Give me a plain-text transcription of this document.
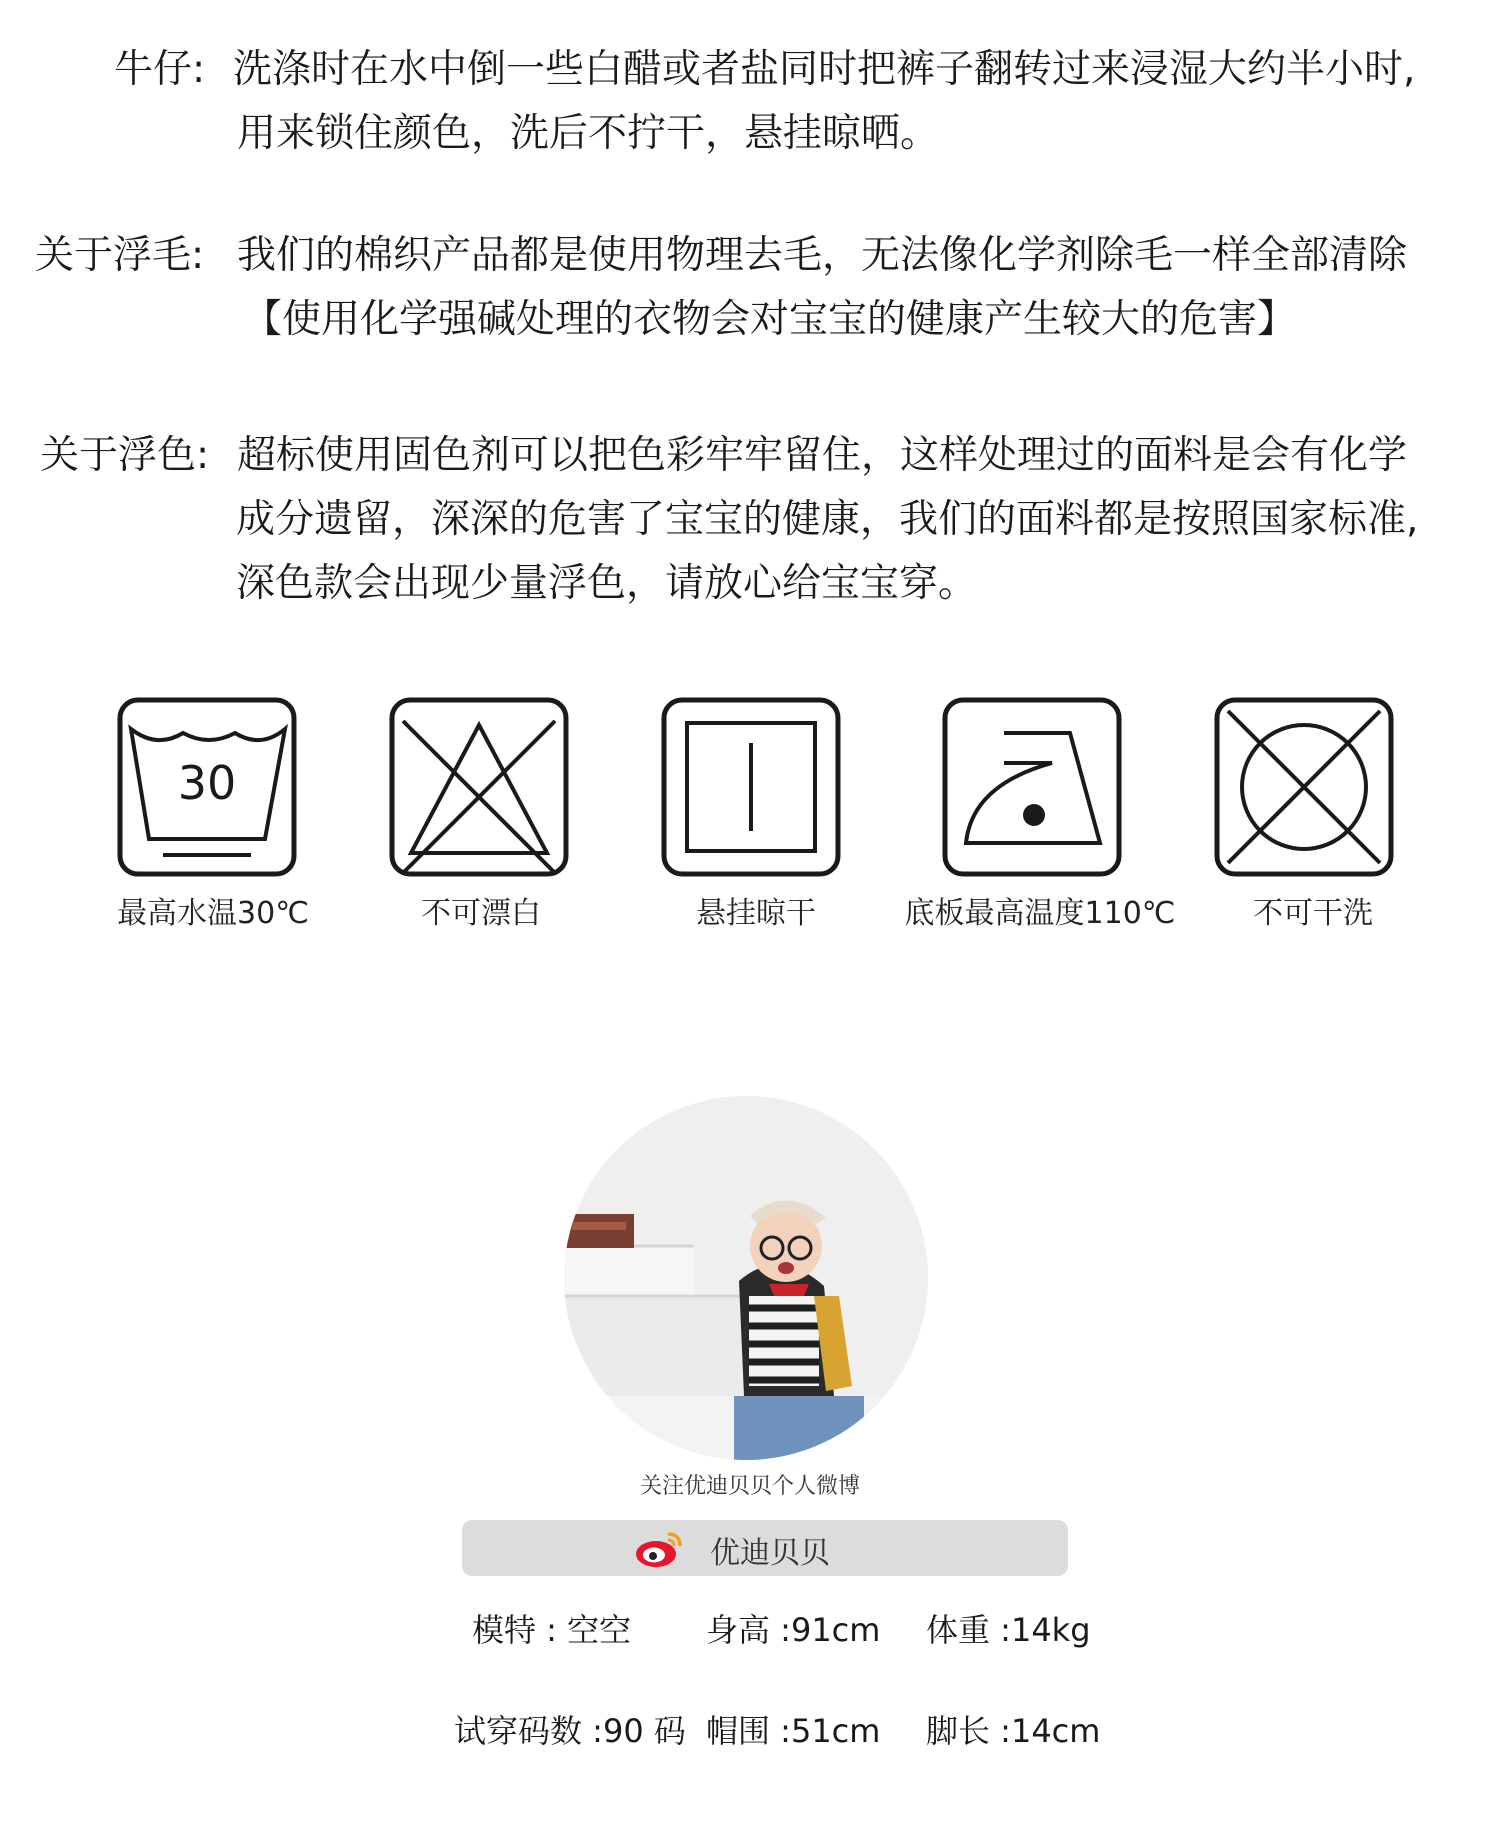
牛仔: 洗涤时在水中倒一些白醋或者盐同时把裤子翻转过来浸湿大约半小时,
用来锁住颜色，洗后不拧干，悬挂晾晒。
关于浮毛: 我们的棉织产品都是使用物理去毛，无法像化学剂除毛一样全部清除
【使用化学强碱处理的衣物会对宝宝的健康产生较大的危害】
关于浮色: 超标使用固色剂可以把色彩牢牢留住，这样处理过的面料是会有化学
成分遗留，深深的危害了宝宝的健康，我们的面料都是按照国家标准,
深色款会出现少量浮色，请放心给宝宝穿。
30
最高水温30℃	不可漂白	悬挂晾干	底板最高温度110℃	不可干洗
关注优迪贝贝个人微博
优迪贝贝
模特 : 空空 身高 :91cm 体重 :14kg
试穿码数 :90 码 帽围 :51cm 脚长 :14cm
